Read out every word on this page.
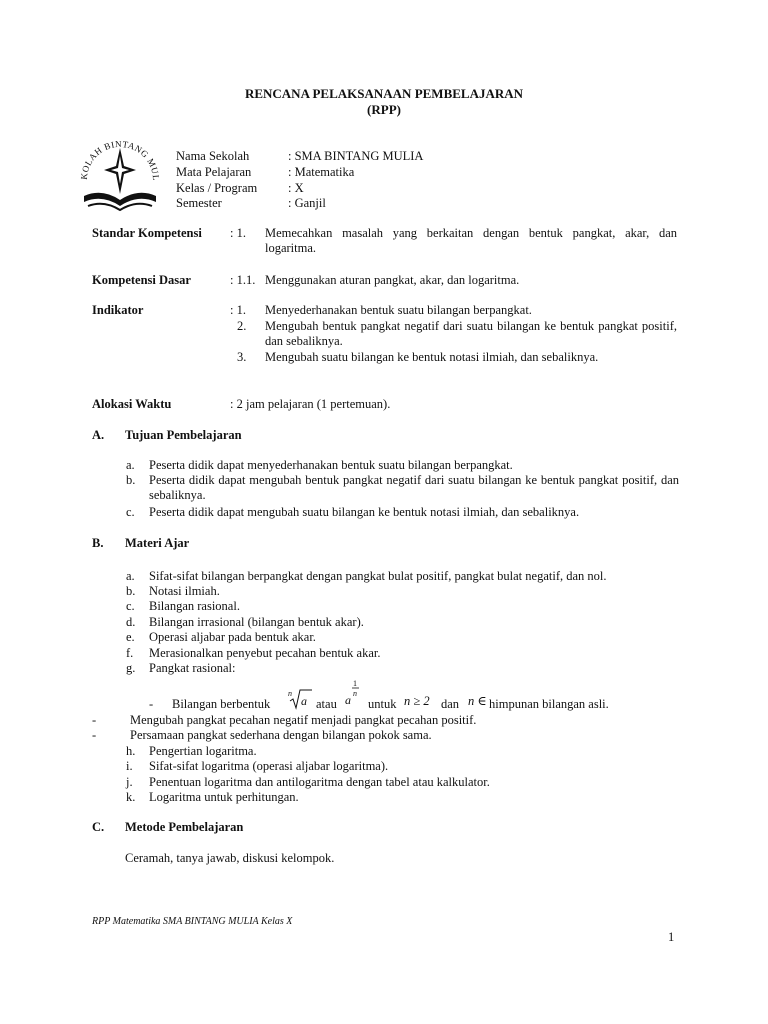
RENCANA PELAKSANAAN PEMBELAJARAN
(RPP)
KOLAH BINTANG MUL
Nama Sekolah	: SMA BINTANG MULIA
Mata Pelajaran	: Matematika
Kelas / Program : X
Semester	: Ganjil
Standar Kompetensi : 1. Memecahkan masalah yang berkaitan dengan bentuk pangkat, akar, dan logaritma.
Kompetensi Dasar	: 1.1. Menggunakan aturan pangkat, akar, dan logaritma.
Indikator	: 1. Menyederhanakan bentuk suatu bilangan berpangkat.
2. Mengubah bentuk pangkat negatif dari suatu bilangan ke bentuk pangkat positif, dan sebaliknya.
3. Mengubah suatu bilangan ke bentuk notasi ilmiah, dan sebaliknya.
Alokasi Waktu	: 2 jam pelajaran (1 pertemuan).
A. Tujuan Pembelajaran
a. Peserta didik dapat menyederhanakan bentuk suatu bilangan berpangkat.
b. Peserta didik dapat mengubah bentuk pangkat negatif dari suatu bilangan ke bentuk pangkat positif, dan sebaliknya.
c. Peserta didik dapat mengubah suatu bilangan ke bentuk notasi ilmiah, dan sebaliknya.
B. Materi Ajar
a. Sifat-sifat bilangan berpangkat dengan pangkat bulat positif, pangkat bulat negatif, dan nol.
b. Notasi ilmiah.
c. Bilangan rasional.
d. Bilangan irrasional (bilangan bentuk akar).
e. Operasi aljabar pada bentuk akar.
f. Merasionalkan penyebut pecahan bentuk akar.
g. Pangkat rasional:
- Bilangan berbentuk
n
a atau
1
n
a untuk n ≥ 2 dan n ∈ himpunan bilangan asli.
-	Mengubah pangkat pecahan negatif menjadi pangkat pecahan positif.
-	Persamaan pangkat sederhana dengan bilangan pokok sama.
h. Pengertian logaritma.
i. Sifat-sifat logaritma (operasi aljabar logaritma).
j. Penentuan logaritma dan antilogaritma dengan tabel atau kalkulator.
k. Logaritma untuk perhitungan.
C. Metode Pembelajaran
Ceramah, tanya jawab, diskusi kelompok.
RPP Matematika SMA BINTANG MULIA Kelas X
1
